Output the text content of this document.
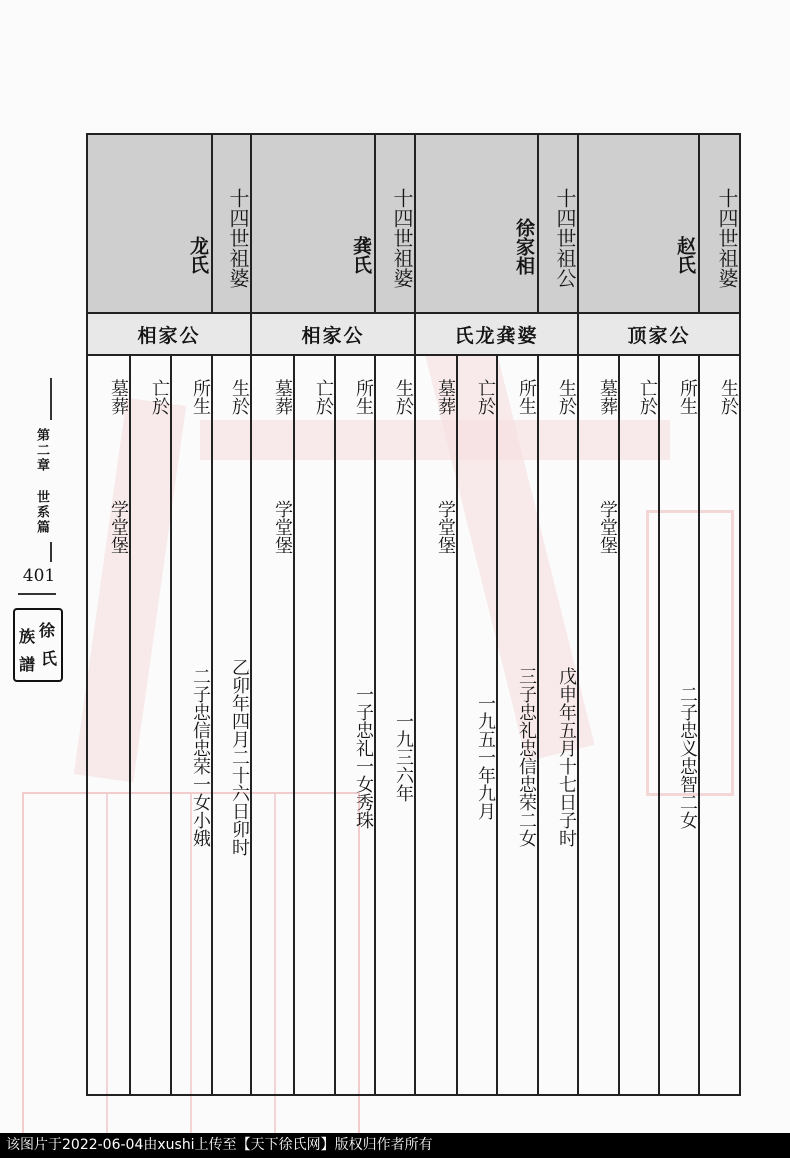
第二章 世系篇
401
徐
氏
族
譜
十四世祖婆
赵氏
顶家公
生於
所生
二子忠义忠智二女
亡於
墓葬
学堂堡
十四世祖公
徐家相
氏龙龚婆
生於
戊申年五月十七日子时
所生
三子忠礼忠信忠荣二女
亡於
一九五一年九月
墓葬
学堂堡
十四世祖婆
龚氏
相家公
生於
一九三六年
所生
一子忠礼一女秀珠
亡於
墓葬
学堂堡
十四世祖婆
龙氏
相家公
生於
乙卯年四月二十六日卯时
所生
二子忠信忠荣一女小娥
亡於
墓葬
学堂堡
该图片于2022-06-04由xushi上传至【天下徐氏网】版权归作者所有
